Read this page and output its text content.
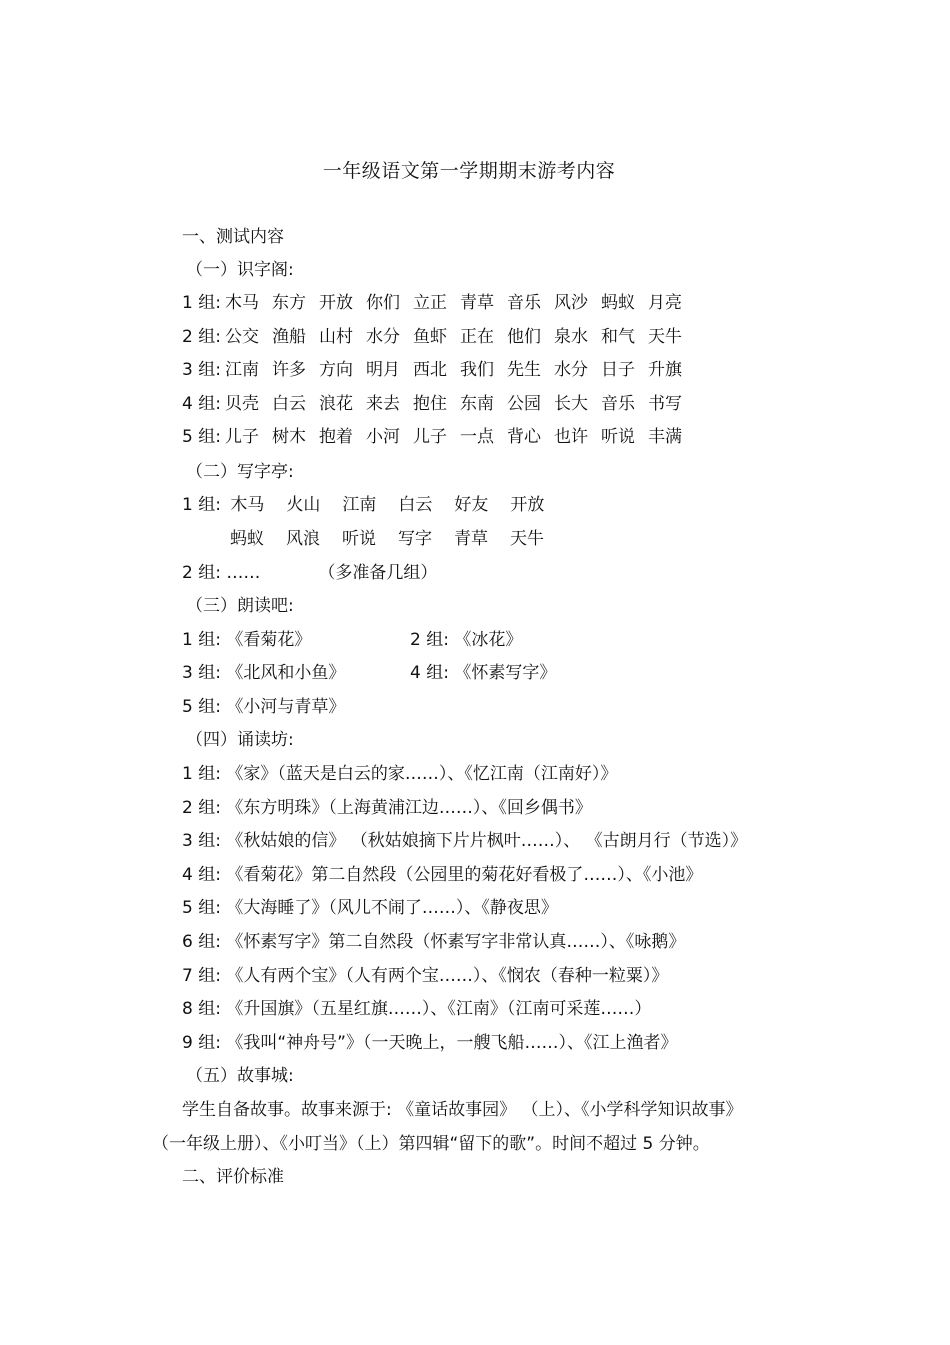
一年级语文第一学期期末游考内容
一、测试内容
（一）识字阁:
1 组: 木马 东方 开放 你们 立正 青草 音乐 风沙 蚂蚁 月亮
2 组: 公交 渔船 山村 水分 鱼虾 正在 他们 泉水 和气 天牛
3 组: 江南 许多 方向 明月 西北 我们 先生 水分 日子 升旗
4 组: 贝壳 白云 浪花 来去 抱住 东南 公园 长大 音乐 书写
5 组: 儿子 树木 抱着 小河 儿子 一点 背心 也许 听说 丰满
（二）写字亭:
1 组: 木马 火山 江南 白云 好友 开放
蚂蚁 风浪 听说 写字 青草 天牛
2 组: ……	（多准备几组）
（三）朗读吧:
1 组: 《看菊花》	2 组: 《冰花》
3 组: 《北风和小鱼》	4 组: 《怀素写字》
5 组: 《小河与青草》
（四）诵读坊:
1 组: 《家》（蓝天是白云的家……）、《忆江南（江南好）》
2 组: 《东方明珠》（上海黄浦江边……）、《回乡偶书》
3 组: 《秋姑娘的信》 （秋姑娘摘下片片枫叶……）、 《古朗月行（节选）》
4 组: 《看菊花》第二自然段（公园里的菊花好看极了……）、《小池》
5 组: 《大海睡了》（风儿不闹了……）、《静夜思》
6 组: 《怀素写字》第二自然段（怀素写字非常认真……）、《咏鹅》
7 组: 《人有两个宝》（人有两个宝……）、《悯农（春种一粒粟）》
8 组: 《升国旗》（五星红旗……）、《江南》（江南可采莲……）
9 组: 《我叫“神舟号”》（一天晚上，一艘飞船……）、《江上渔者》
（五）故事城:
学生自备故事。故事来源于: 《童话故事园》 （上）、《小学科学知识故事》
（一年级上册）、《小叮当》（上）第四辑“留下的歌”。时间不超过 5 分钟。
二、评价标准
